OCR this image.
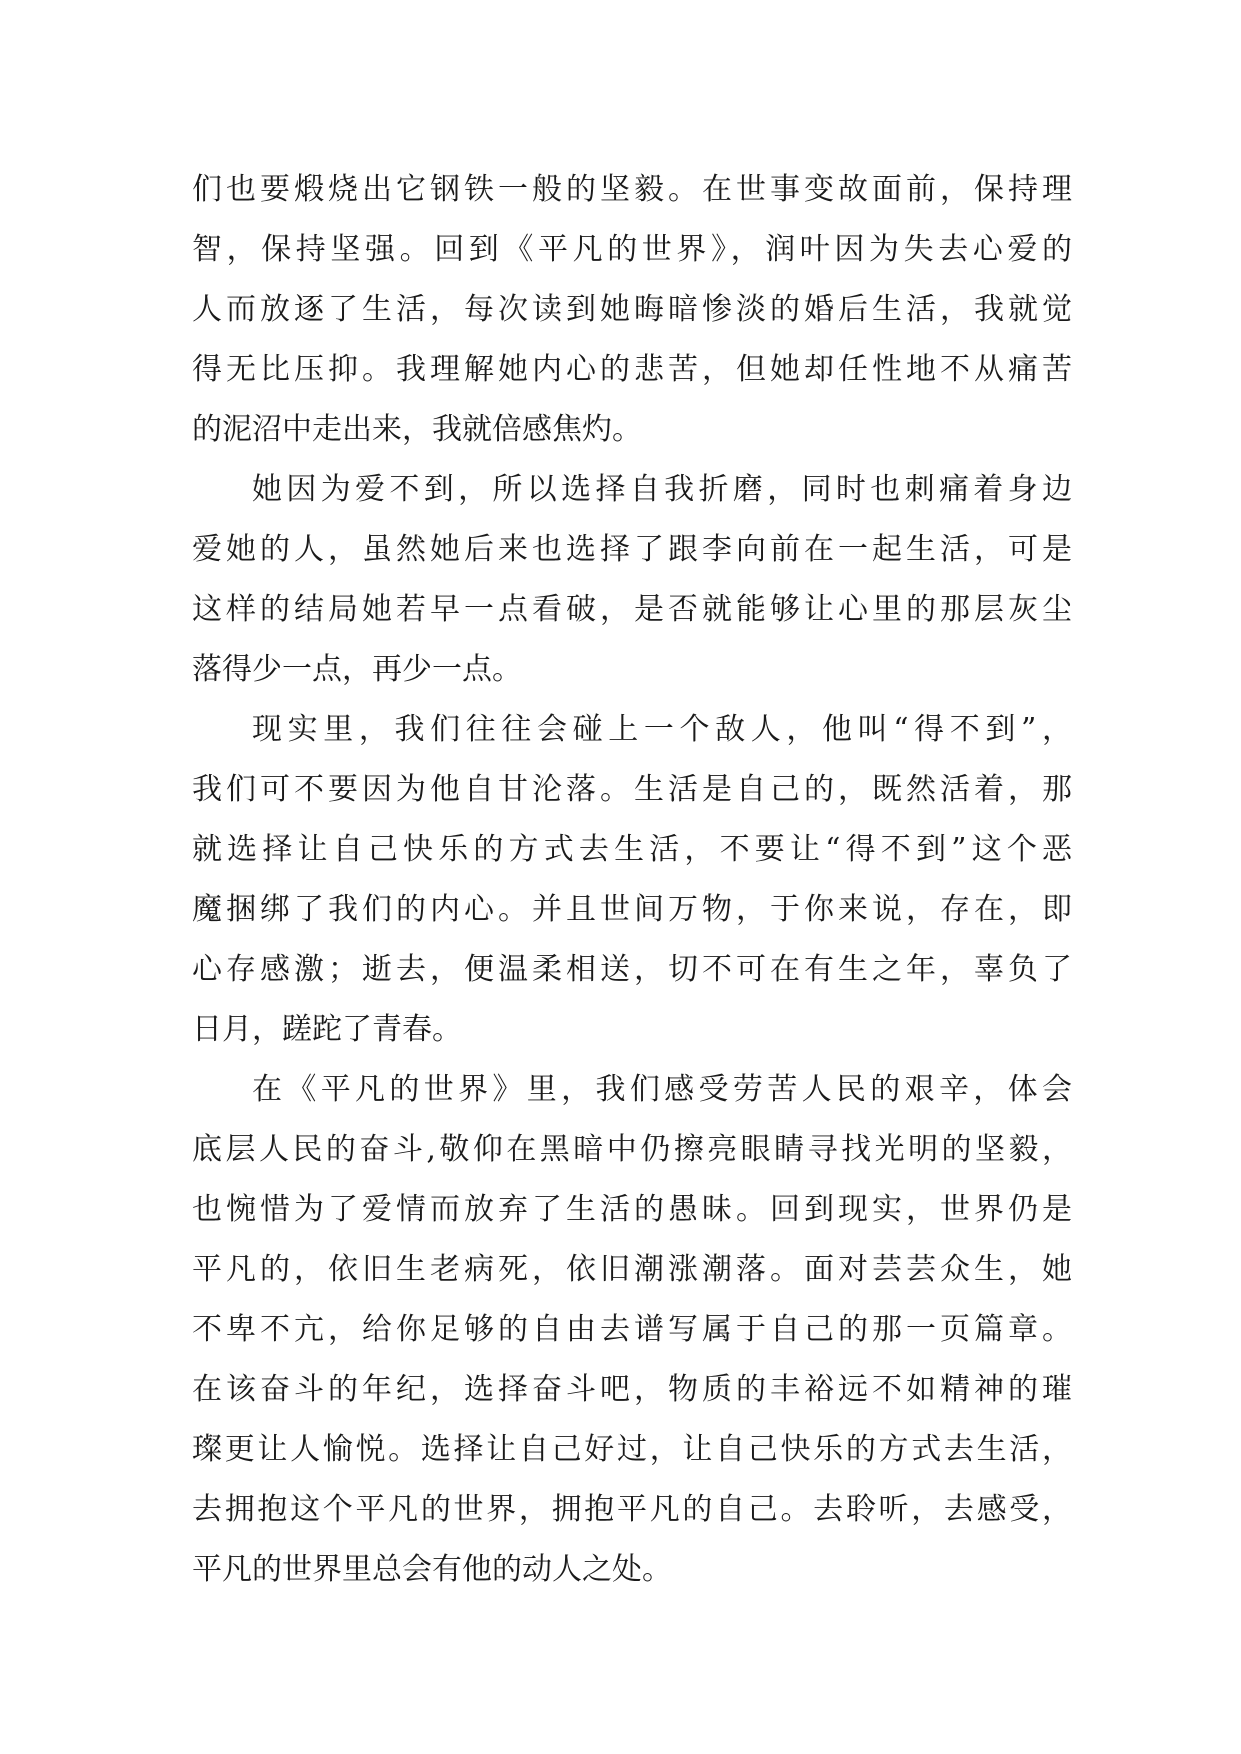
们也要煅烧出它钢铁一般的坚毅。在世事变故面前，保持理
智，保持坚强。回到《平凡的世界》，润叶因为失去心爱的
人而放逐了生活，每次读到她晦暗惨淡的婚后生活，我就觉
得无比压抑。我理解她内心的悲苦，但她却任性地不从痛苦
的泥沼中走出来，我就倍感焦灼。
她因为爱不到，所以选择自我折磨，同时也刺痛着身边
爱她的人，虽然她后来也选择了跟李向前在一起生活，可是
这样的结局她若早一点看破，是否就能够让心里的那层灰尘
落得少一点，再少一点。
现实里，我们往往会碰上一个敌人，他叫“得不到”，
我们可不要因为他自甘沦落。生活是自己的，既然活着，那
就选择让自己快乐的方式去生活，不要让“得不到”这个恶
魔捆绑了我们的内心。并且世间万物，于你来说，存在，即
心存感激；逝去，便温柔相送，切不可在有生之年，辜负了
日月，蹉跎了青春。
在《平凡的世界》里，我们感受劳苦人民的艰辛，体会
底层人民的奋斗,敬仰在黑暗中仍擦亮眼睛寻找光明的坚毅，
也惋惜为了爱情而放弃了生活的愚昧。回到现实，世界仍是
平凡的，依旧生老病死，依旧潮涨潮落。面对芸芸众生，她
不卑不亢，给你足够的自由去谱写属于自己的那一页篇章。
在该奋斗的年纪，选择奋斗吧，物质的丰裕远不如精神的璀
璨更让人愉悦。选择让自己好过，让自己快乐的方式去生活，
去拥抱这个平凡的世界，拥抱平凡的自己。去聆听，去感受，
平凡的世界里总会有他的动人之处。
